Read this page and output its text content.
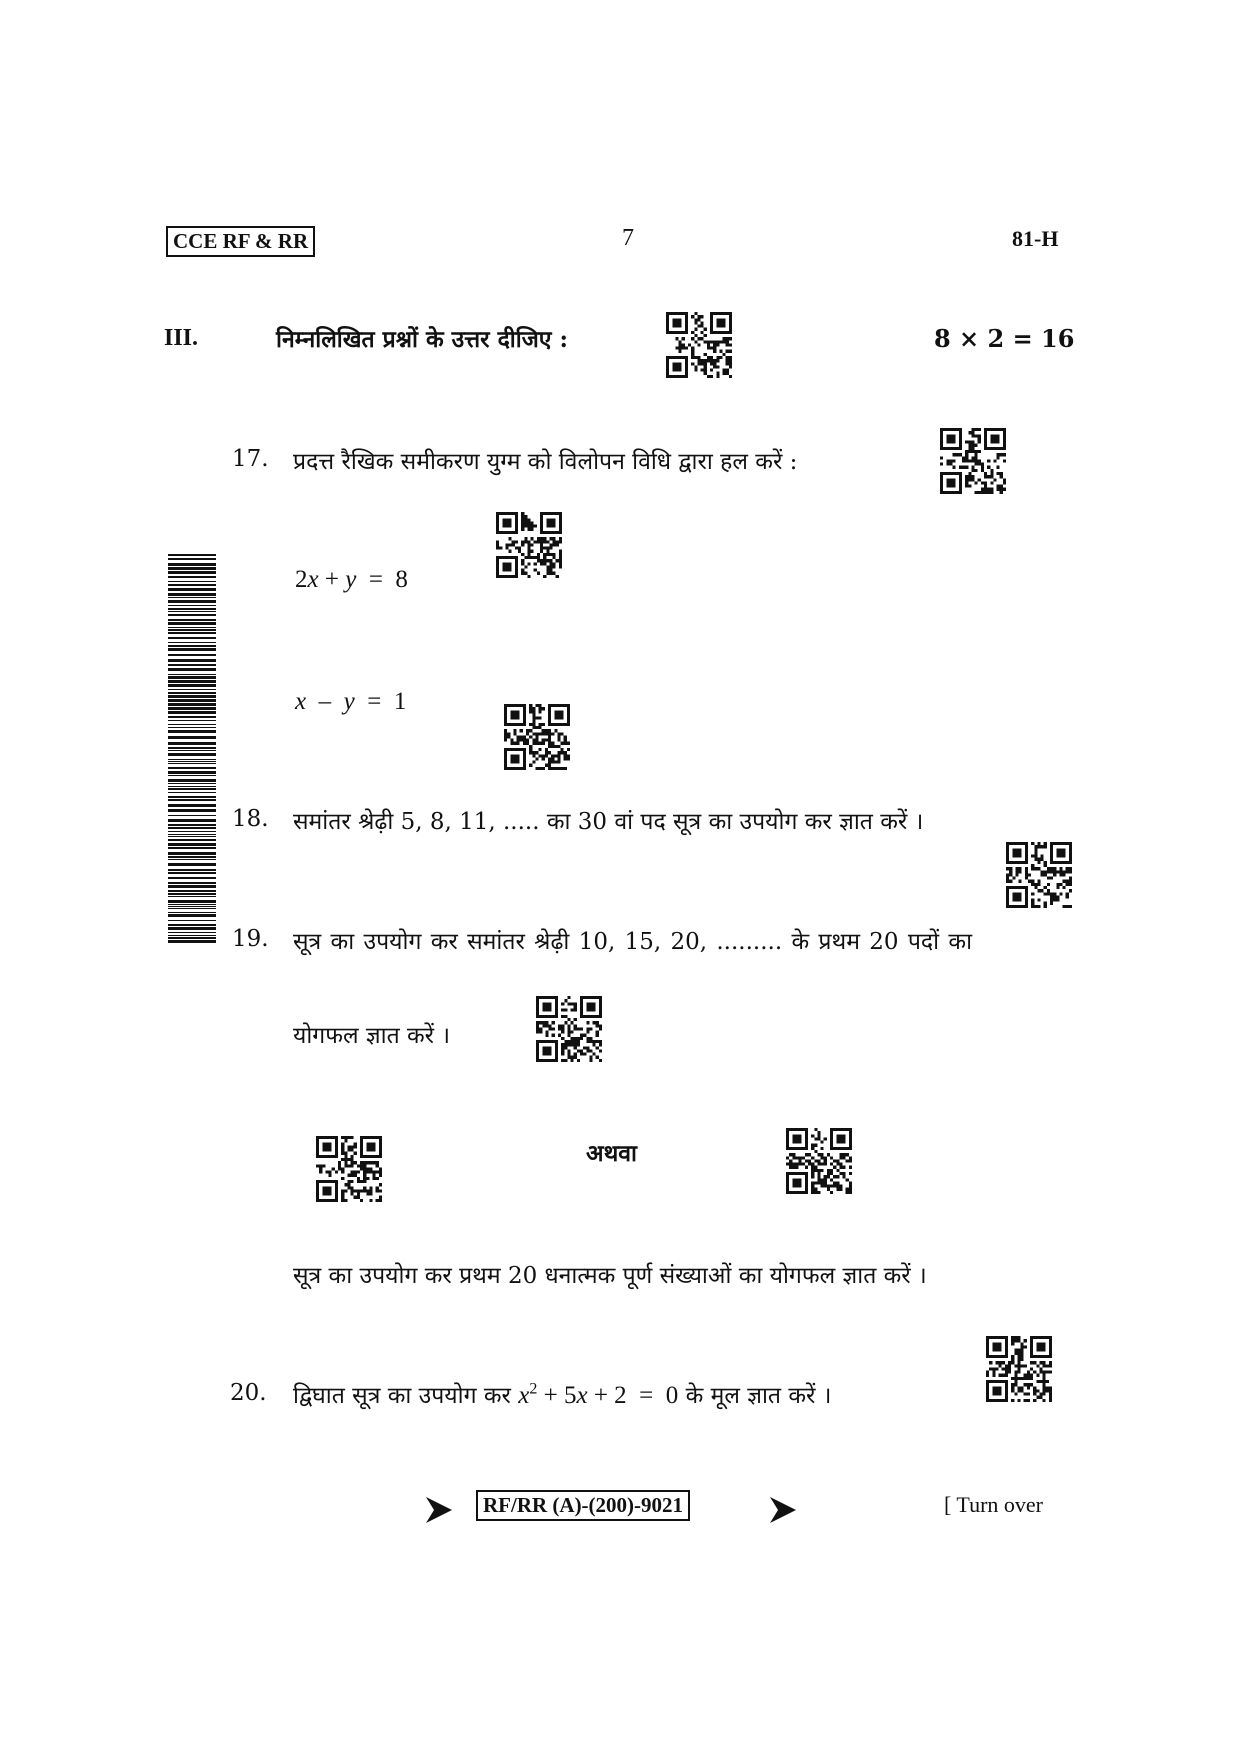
CCE RF & RR	7	81-H
III.	निम्नलिखित प्रश्नों के उत्तर दीजिए :	8 × 2 = 16
17. प्रदत्त रैखिक समीकरण युग्म को विलोपन विधि द्वारा हल करें :
2x + y  =  8
x  –  y  =  1
18. समांतर श्रेढ़ी 5, 8, 11, ..... का 30 वां पद सूत्र का उपयोग कर ज्ञात करें ।
19. सूत्र का उपयोग कर समांतर श्रेढ़ी 10, 15, 20, ......... के प्रथम 20 पदों का
योगफल ज्ञात करें ।
अथवा
सूत्र का उपयोग कर प्रथम 20 धनात्मक पूर्ण संख्याओं का योगफल ज्ञात करें ।
20. द्विघात सूत्र का उपयोग कर $x^2 + 5x + 2 = 0$ के मूल ज्ञात करें ।
RF/RR (A)-(200)-9021	[ Turn over
